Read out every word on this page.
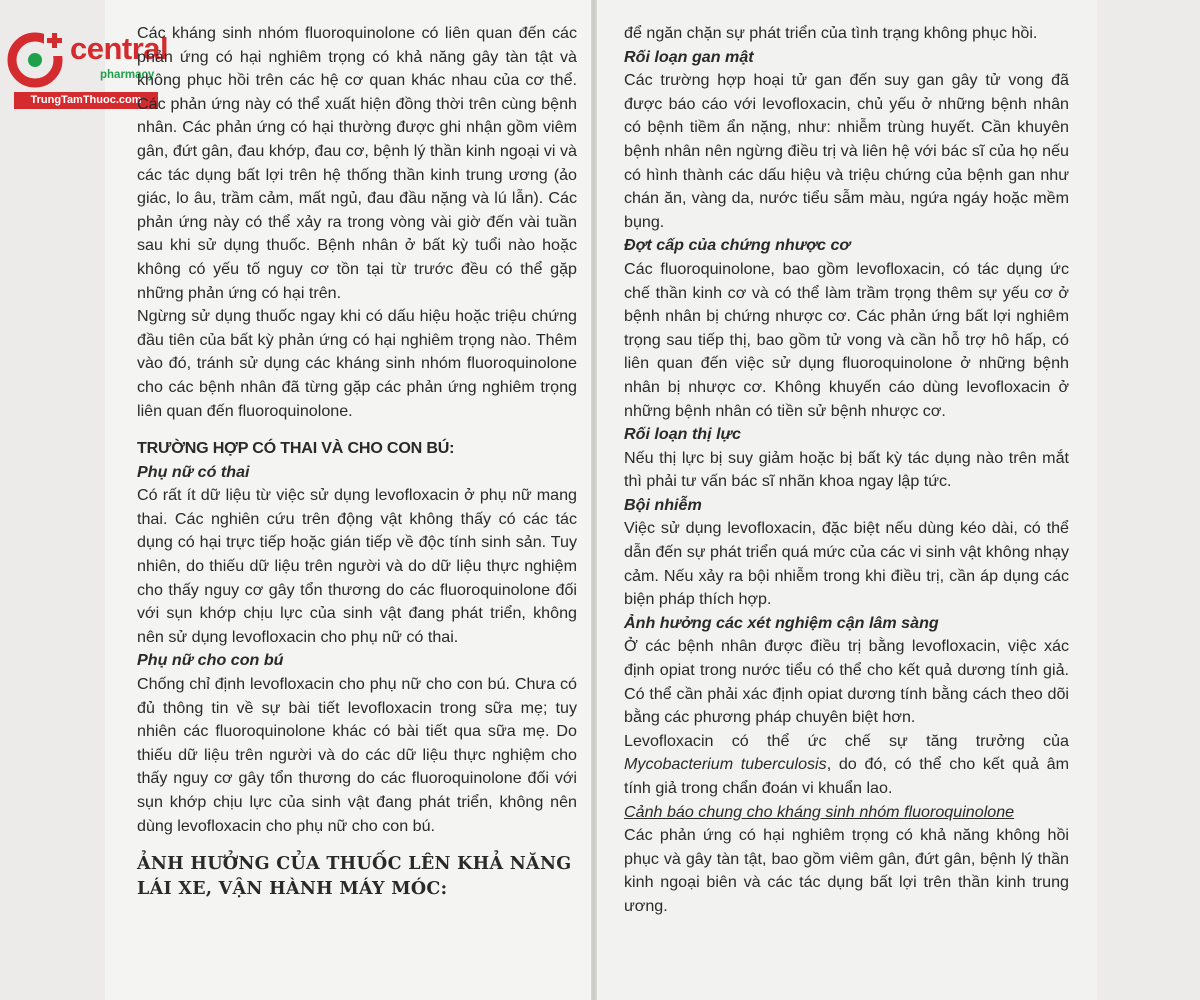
central
pharmacy
TrungTamThuoc.com

Các kháng sinh nhóm fluoroquinolone có liên quan đến các phản ứng có hại nghiêm trọng có khả năng gây tàn tật và không phục hồi trên các hệ cơ quan khác nhau của cơ thể. Các phản ứng này có thể xuất hiện đồng thời trên cùng bệnh nhân. Các phản ứng có hại thường được ghi nhận gồm viêm gân, đứt gân, đau khớp, đau cơ, bệnh lý thần kinh ngoại vi và các tác dụng bất lợi trên hệ thống thần kinh trung ương (ảo giác, lo âu, trầm cảm, mất ngủ, đau đầu nặng và lú lẫn). Các phản ứng này có thể xảy ra trong vòng vài giờ đến vài tuần sau khi sử dụng thuốc. Bệnh nhân ở bất kỳ tuổi nào hoặc không có yếu tố nguy cơ tồn tại từ trước đều có thể gặp những phản ứng có hại trên.

Ngừng sử dụng thuốc ngay khi có dấu hiệu hoặc triệu chứng đầu tiên của bất kỳ phản ứng có hại nghiêm trọng nào. Thêm vào đó, tránh sử dụng các kháng sinh nhóm fluoroquinolone cho các bệnh nhân đã từng gặp các phản ứng nghiêm trọng liên quan đến fluoroquinolone.

TRƯỜNG HỢP CÓ THAI VÀ CHO CON BÚ:

Phụ nữ có thai

Có rất ít dữ liệu từ việc sử dụng levofloxacin ở phụ nữ mang thai. Các nghiên cứu trên động vật không thấy có các tác dụng có hại trực tiếp hoặc gián tiếp về độc tính sinh sản. Tuy nhiên, do thiếu dữ liệu trên người và do dữ liệu thực nghiệm cho thấy nguy cơ gây tổn thương do các fluoroquinolone đối với sụn khớp chịu lực của sinh vật đang phát triển, không nên sử dụng levofloxacin cho phụ nữ có thai.

Phụ nữ cho con bú

Chống chỉ định levofloxacin cho phụ nữ cho con bú. Chưa có đủ thông tin về sự bài tiết levofloxacin trong sữa mẹ; tuy nhiên các fluoroquinolone khác có bài tiết qua sữa mẹ. Do thiếu dữ liệu trên người và do các dữ liệu thực nghiệm cho thấy nguy cơ gây tổn thương do các fluoroquinolone đối với sụn khớp chịu lực của sinh vật đang phát triển, không nên dùng levofloxacin cho phụ nữ cho con bú.

ẢNH HƯỞNG CỦA THUỐC LÊN KHẢ NĂNG LÁI XE, VẬN HÀNH MÁY MÓC:

để ngăn chặn sự phát triển của tình trạng không phục hồi.

Rối loạn gan mật

Các trường hợp hoại tử gan đến suy gan gây tử vong đã được báo cáo với levofloxacin, chủ yếu ở những bệnh nhân có bệnh tiềm ẩn nặng, như: nhiễm trùng huyết. Cần khuyên bệnh nhân nên ngừng điều trị và liên hệ với bác sĩ của họ nếu có hình thành các dấu hiệu và triệu chứng của bệnh gan như chán ăn, vàng da, nước tiểu sẫm màu, ngứa ngáy hoặc mềm bụng.

Đợt cấp của chứng nhược cơ

Các fluoroquinolone, bao gồm levofloxacin, có tác dụng ức chế thần kinh cơ và có thể làm trầm trọng thêm sự yếu cơ ở bệnh nhân bị chứng nhược cơ. Các phản ứng bất lợi nghiêm trọng sau tiếp thị, bao gồm tử vong và cần hỗ trợ hô hấp, có liên quan đến việc sử dụng fluoroquinolone ở những bệnh nhân bị nhược cơ. Không khuyến cáo dùng levofloxacin ở những bệnh nhân có tiền sử bệnh nhược cơ.

Rối loạn thị lực

Nếu thị lực bị suy giảm hoặc bị bất kỳ tác dụng nào trên mắt thì phải tư vấn bác sĩ nhãn khoa ngay lập tức.

Bội nhiễm

Việc sử dụng levofloxacin, đặc biệt nếu dùng kéo dài, có thể dẫn đến sự phát triển quá mức của các vi sinh vật không nhạy cảm. Nếu xảy ra bội nhiễm trong khi điều trị, cần áp dụng các biện pháp thích hợp.

Ảnh hưởng các xét nghiệm cận lâm sàng

Ở các bệnh nhân được điều trị bằng levofloxacin, việc xác định opiat trong nước tiểu có thể cho kết quả dương tính giả. Có thể cần phải xác định opiat dương tính bằng cách theo dõi bằng các phương pháp chuyên biệt hơn.

Levofloxacin có thể ức chế sự tăng trưởng của Mycobacterium tuberculosis, do đó, có thể cho kết quả âm tính giả trong chẩn đoán vi khuẩn lao.

Cảnh báo chung cho kháng sinh nhóm fluoroquinolone

Các phản ứng có hại nghiêm trọng có khả năng không hồi phục và gây tàn tật, bao gồm viêm gân, đứt gân, bệnh lý thần kinh ngoại biên và các tác dụng bất lợi trên thần kinh trung ương.
